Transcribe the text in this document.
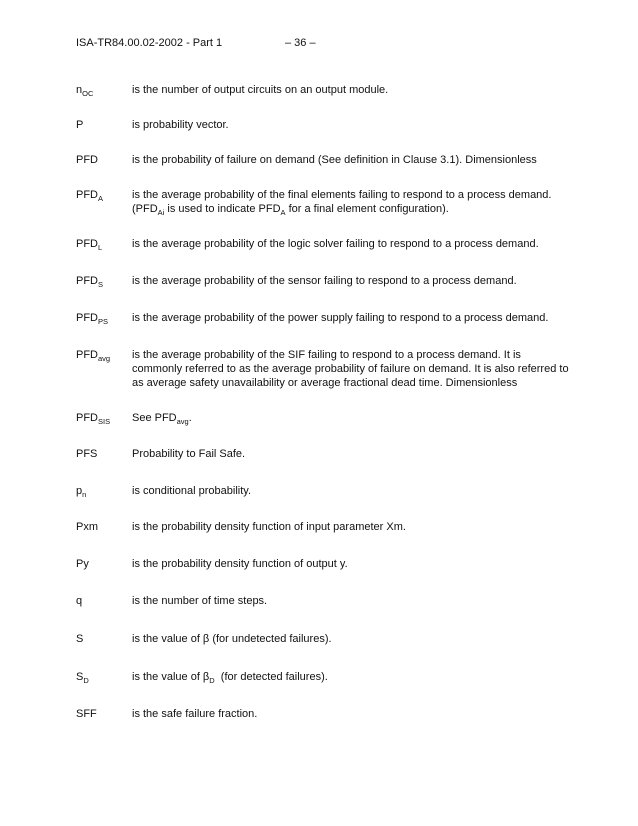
ISA-TR84.00.02-2002 - Part 1	– 36 –
$n_{OC}$	is the number of output circuits on an output module.
P	is probability vector.
PFD	is the probability of failure on demand (See definition in Clause 3.1). Dimensionless
$PFD_A$	is the average probability of the final elements failing to respond to a process demand.
($PFD_{Ai}$ is used to indicate $PFD_A$ for a final element configuration).
$PFD_L$	is the average probability of the logic solver failing to respond to a process demand.
$PFD_S$	is the average probability of the sensor failing to respond to a process demand.
$PFD_{PS}$ is the average probability of the power supply failing to respond to a process demand.
$PFD_{avg}$ is the average probability of the SIF failing to respond to a process demand. It is commonly referred to as the average probability of failure on demand. It is also referred to as average safety unavailability or average fractional dead time. Dimensionless
$PFD_{SIS}$ See $PFD_{avg}$.
PFS	Probability to Fail Safe.
$p_n$	is conditional probability.
Pxm	is the probability density function of input parameter Xm.
Py	is the probability density function of output y.
q	is the number of time steps.
S	is the value of β (for undetected failures).
$S_D$	is the value of $\beta_D$  (for detected failures).
SFF	is the safe failure fraction.
